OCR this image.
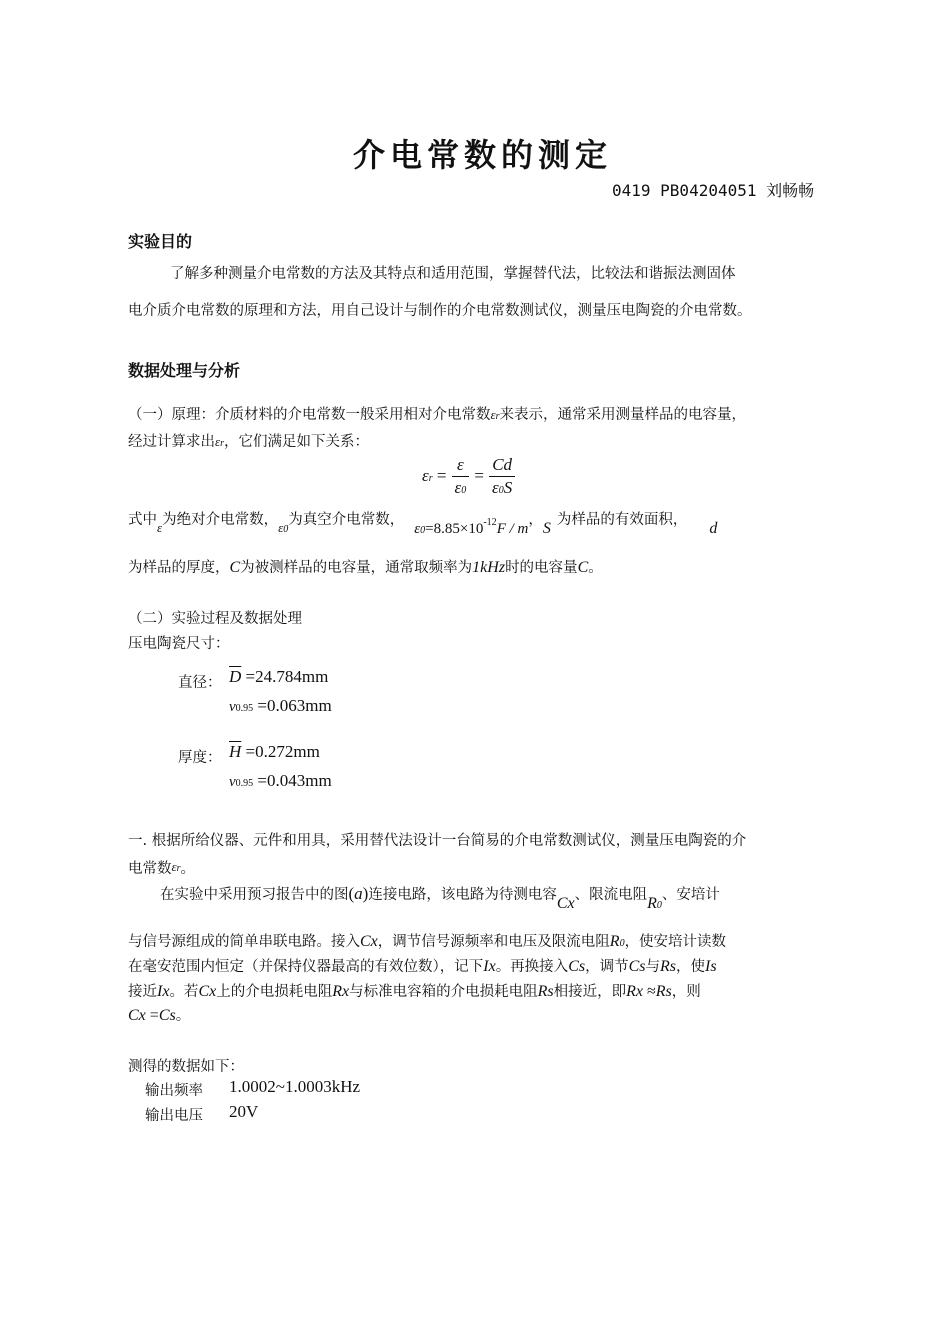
介电常数的测定
0419 PB04204051 刘畅畅
实验目的
了解多种测量介电常数的方法及其特点和适用范围，掌握替代法，比较法和谐振法测固体
电介质介电常数的原理和方法，用自己设计与制作的介电常数测试仪，测量压电陶瓷的介电常数。
数据处理与分析
（一）原理：介质材料的介电常数一般采用相对介电常数εr来表示，通常采用测量样品的电容量，
经过计算求出εr，它们满足如下关系：
$\varepsilon r = \frac{\varepsilon}{\varepsilon 0} = \frac{Cd}{\varepsilon 0S}$
式中ε为绝对介电常数，ε0为真空介电常数，ε0=8.85×10-12F / m，S 为样品的有效面积， d
为样品的厚度，C为被测样品的电容量，通常取频率为1kHz时的电容量C。
（二）实验过程及数据处理
压电陶瓷尺寸：
直径： $\overline{D} =24.784mm$
v0.95 =0.063mm
厚度： $\overline{H} =0.272mm$
v0.95 =0.043mm
一. 根据所给仪器、元件和用具，采用替代法设计一台简易的介电常数测试仪，测量压电陶瓷的介
电常数εr。
在实验中采用预习报告中的图(a)连接电路，该电路为待测电容Cx、限流电阻R0、安培计
与信号源组成的简单串联电路。接入Cx，调节信号源频率和电压及限流电阻R0，使安培计读数
在毫安范围内恒定（并保持仪器最高的有效位数），记下Ix。再换接入Cs，调节Cs与Rs，使Is
接近Ix。若Cx上的介电损耗电阻Rx与标准电容箱的介电损耗电阻Rs相接近，即Rx ≈Rs，则
Cx =Cs。
测得的数据如下：
输出频率 1.0002~1.0003kHz
输出电压 20V
